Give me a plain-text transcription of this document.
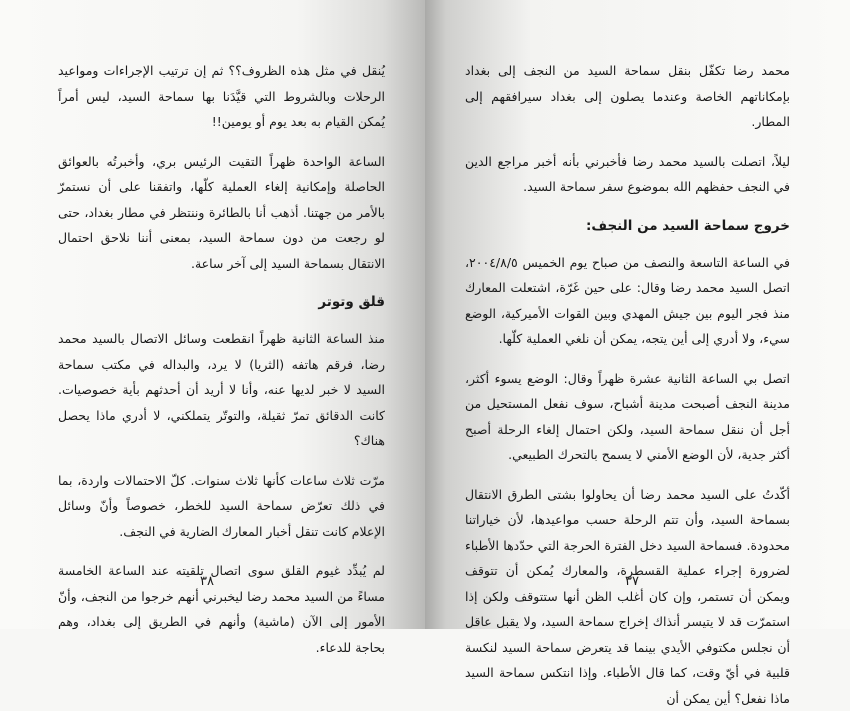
يُنقل في مثل هذه الظروف؟؟ ثم إن ترتيب الإجراءات ومواعيد الرحلات وبالشروط التي قيَّدَنا بها سماحة السيد، ليس أمراً يُمكن القيام به بعد يوم أو يومين!!

الساعة الواحدة ظهراً التقيت الرئيس بري، وأخبرتُه بالعوائق الحاصلة وإمكانية إلغاء العملية كلّها، واتفقنا على أن نستمرّ بالأمر من جهتنا. أذهب أنا بالطائرة وننتظر في مطار بغداد، حتى لو رجعت من دون سماحة السيد، بمعنى أننا نلاحق احتمال الانتقال بسماحة السيد إلى آخر ساعة.

قلق وتوتر

منذ الساعة الثانية ظهراً انقطعت وسائل الاتصال بالسيد محمد رضا، فرقم هاتفه (الثريا) لا يرد، والبداله في مكتب سماحة السيد لا خبر لديها عنه، وأنا لا أريد أن أحدثهم بأية خصوصيات. كانت الدقائق تمرّ ثقيلة، والتوتّر يتملكني، لا أدري ماذا يحصل هناك؟

مرّت ثلاث ساعات كأنها ثلاث سنوات. كلّ الاحتمالات واردة، بما في ذلك تعرّض سماحة السيد للخطر، خصوصاً وأنّ وسائل الإعلام كانت تنقل أخبار المعارك الضارية في النجف.

لم يُبدِّد غيوم القلق سوى اتصال تلقيته عند الساعة الخامسة مساءً من السيد محمد رضا ليخبرني أنهم خرجوا من النجف، وأنّ الأمور إلى الآن (ماشية) وأنهم في الطريق إلى بغداد، وهم بحاجة للدعاء.

محمد رضا تكفّل بنقل سماحة السيد من النجف إلى بغداد بإمكاناتهم الخاصة وعندما يصلون إلى بغداد سيرافقهم إلى المطار.

ليلاً، اتصلت بالسيد محمد رضا فأخبرني بأنه أخبر مراجع الدين في النجف حفظهم الله بموضوع سفر سماحة السيد.

خروج سماحة السيد من النجف:

في الساعة التاسعة والنصف من صباح يوم الخميس ٢٠٠٤/٨/٥، اتصل السيد محمد رضا وقال: على حين غَرّة، اشتعلت المعارك منذ فجر اليوم بين جيش المهدي وبين القوات الأميركية، الوضع سيء، ولا أدري إلى أين يتجه، يمكن أن نلغي العملية كلّها.

اتصل بي الساعة الثانية عشرة ظهراً وقال: الوضع يسوء أكثر، مدينة النجف أصبحت مدينة أشباح، سوف نفعل المستحيل من أجل أن ننقل سماحة السيد، ولكن احتمال إلغاء الرحلة أصبح أكثر جدية، لأن الوضع الأمني لا يسمح بالتحرك الطبيعي.

أكّدتُ على السيد محمد رضا أن يحاولوا بشتى الطرق الانتقال بسماحة السيد، وأن تتم الرحلة حسب مواعيدها، لأن خياراتنا محدودة. فسماحة السيد دخل الفترة الحرجة التي حدّدها الأطباء لضرورة إجراء عملية القسطرة، والمعارك يُمكن أن تتوقف ويمكن أن تستمر، وإن كان أغلب الظن أنها ستتوقف ولكن إذا استمرّت قد لا يتيسر أنذاك إخراج سماحة السيد، ولا يقبل عاقل أن نجلس مكتوفي الأيدي بينما قد يتعرض سماحة السيد لنكسة قلبية في أيّ وقت، كما قال الأطباء. وإذا انتكس سماحة السيد ماذا نفعل؟ أين يمكن أن

٣٨	٣٧
